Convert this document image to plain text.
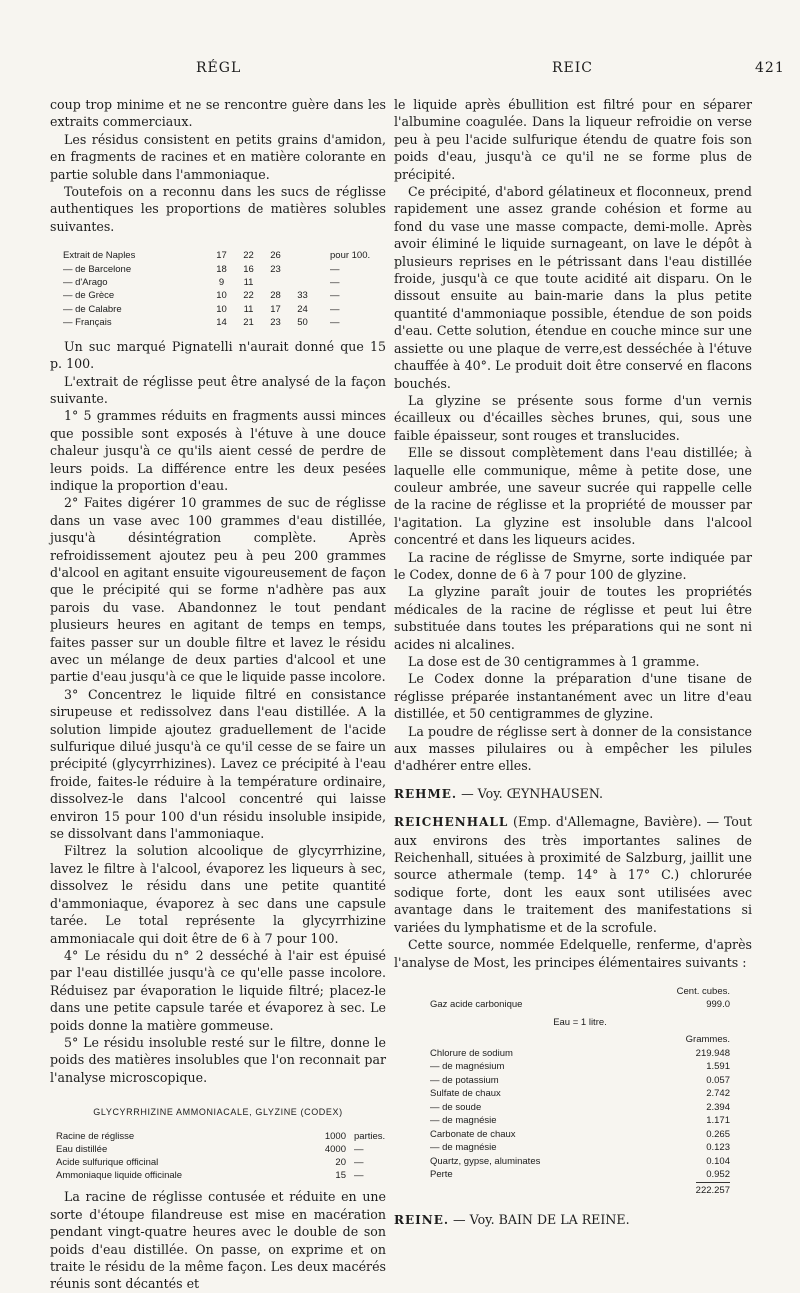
RÉGL	REIC	421

coup trop minime et ne se rencontre guère dans les extraits commerciaux.

Les résidus consistent en petits grains d'amidon, en fragments de racines et en matière colorante en partie soluble dans l'ammoniaque.

Toutefois on a reconnu dans les sucs de réglisse authentiques les proportions de matières solubles suivantes.

Extrait de Naples	17	22	26		pour 100.
— de Barcelone	18	16	23		—
— d'Arago	9	11			—
— de Grèce	10	22	28	33	—
— de Calabre	10	11	17	24	—
— Français	14	21	23	50	—

Un suc marqué Pignatelli n'aurait donné que 15 p. 100.

L'extrait de réglisse peut être analysé de la façon suivante.

1° 5 grammes réduits en fragments aussi minces que possible sont exposés à l'étuve à une douce chaleur jusqu'à ce qu'ils aient cessé de perdre de leurs poids. La différence entre les deux pesées indique la proportion d'eau.

2° Faites digérer 10 grammes de suc de réglisse dans un vase avec 100 grammes d'eau distillée, jusqu'à désintégration complète. Après refroidissement ajoutez peu à peu 200 grammes d'alcool en agitant ensuite vigoureusement de façon que le précipité qui se forme n'adhère pas aux parois du vase. Abandonnez le tout pendant plusieurs heures en agitant de temps en temps, faites passer sur un double filtre et lavez le résidu avec un mélange de deux parties d'alcool et une partie d'eau jusqu'à ce que le liquide passe incolore.

3° Concentrez le liquide filtré en consistance sirupeuse et redissolvez dans l'eau distillée. A la solution limpide ajoutez graduellement de l'acide sulfurique dilué jusqu'à ce qu'il cesse de se faire un précipité (glycyrrhizines). Lavez ce précipité à l'eau froide, faites-le réduire à la température ordinaire, dissolvez-le dans l'alcool concentré qui laisse environ 15 pour 100 d'un résidu insoluble insipide, se dissolvant dans l'ammoniaque.

Filtrez la solution alcoolique de glycyrrhizine, lavez le filtre à l'alcool, évaporez les liqueurs à sec, dissolvez le résidu dans une petite quantité d'ammoniaque, évaporez à sec dans une capsule tarée. Le total représente la glycyrrhizine ammoniacale qui doit être de 6 à 7 pour 100.

4° Le résidu du n° 2 desséché à l'air est épuisé par l'eau distillée jusqu'à ce qu'elle passe incolore. Réduisez par évaporation le liquide filtré; placez-le dans une petite capsule tarée et évaporez à sec. Le poids donne la matière gommeuse.

5° Le résidu insoluble resté sur le filtre, donne le poids des matières insolubles que l'on reconnait par l'analyse microscopique.

GLYCYRRHIZINE AMMONIACALE, GLYZINE (CODEX)
Racine de réglisse	1000	parties.
Eau distillée	4000	—
Acide sulfurique officinal	20	—
Ammoniaque liquide officinale	15	—

La racine de réglisse contusée et réduite en une sorte d'étoupe filandreuse est mise en macération pendant vingt-quatre heures avec le double de son poids d'eau distillée. On passe, on exprime et on traite le résidu de la même façon. Les deux macérés réunis sont décantés et

le liquide après ébullition est filtré pour en séparer l'albumine coagulée. Dans la liqueur refroidie on verse peu à peu l'acide sulfurique étendu de quatre fois son poids d'eau, jusqu'à ce qu'il ne se forme plus de précipité.

Ce précipité, d'abord gélatineux et floconneux, prend rapidement une assez grande cohésion et forme au fond du vase une masse compacte, demi-molle. Après avoir éliminé le liquide surnageant, on lave le dépôt à plusieurs reprises en le pétrissant dans l'eau distillée froide, jusqu'à ce que toute acidité ait disparu. On le dissout ensuite au bain-marie dans la plus petite quantité d'ammoniaque possible, étendue de son poids d'eau. Cette solution, étendue en couche mince sur une assiette ou une plaque de verre,est desséchée à l'étuve chauffée à 40°. Le produit doit être conservé en flacons bouchés.

La glyzine se présente sous forme d'un vernis écailleux ou d'écailles sèches brunes, qui, sous une faible épaisseur, sont rouges et translucides.

Elle se dissout complètement dans l'eau distillée; à laquelle elle communique, même à petite dose, une couleur ambrée, une saveur sucrée qui rappelle celle de la racine de réglisse et la propriété de mousser par l'agitation. La glyzine est insoluble dans l'alcool concentré et dans les liqueurs acides.

La racine de réglisse de Smyrne, sorte indiquée par le Codex, donne de 6 à 7 pour 100 de glyzine.

La glyzine paraît jouir de toutes les propriétés médicales de la racine de réglisse et peut lui être substituée dans toutes les préparations qui ne sont ni acides ni alcalines.

La dose est de 30 centigrammes à 1 gramme.

Le Codex donne la préparation d'une tisane de réglisse préparée instantanément avec un litre d'eau distillée, et 50 centigrammes de glyzine.

La poudre de réglisse sert à donner de la consistance aux masses pilulaires ou à empêcher les pilules d'adhérer entre elles.

REHME. — Voy. ŒYNHAUSEN.

REICHENHALL (Emp. d'Allemagne, Bavière). — Tout aux environs des très importantes salines de Reichenhall, situées à proximité de Salzburg, jaillit une source athermale (temp. 14° à 17° C.) chlorurée sodique forte, dont les eaux sont utilisées avec avantage dans le traitement des manifestations si variées du lymphatisme et de la scrofule.

Cette source, nommée Edelquelle, renferme, d'après l'analyse de Most, les principes élémentaires suivants :

Cent. cubes.
Gaz acide carbonique	999.0
Eau = 1 litre.
Grammes.
Chlorure de sodium	219.948
— de magnésium	1.591
— de potassium	0.057
Sulfate de chaux	2.742
— de soude	2.394
— de magnésie	1.171
Carbonate de chaux	0.265
— de magnésie	0.123
Quartz, gypse, aluminates	0.104
Perte	0.952
222.257

REINE. — Voy. BAIN DE LA REINE.
